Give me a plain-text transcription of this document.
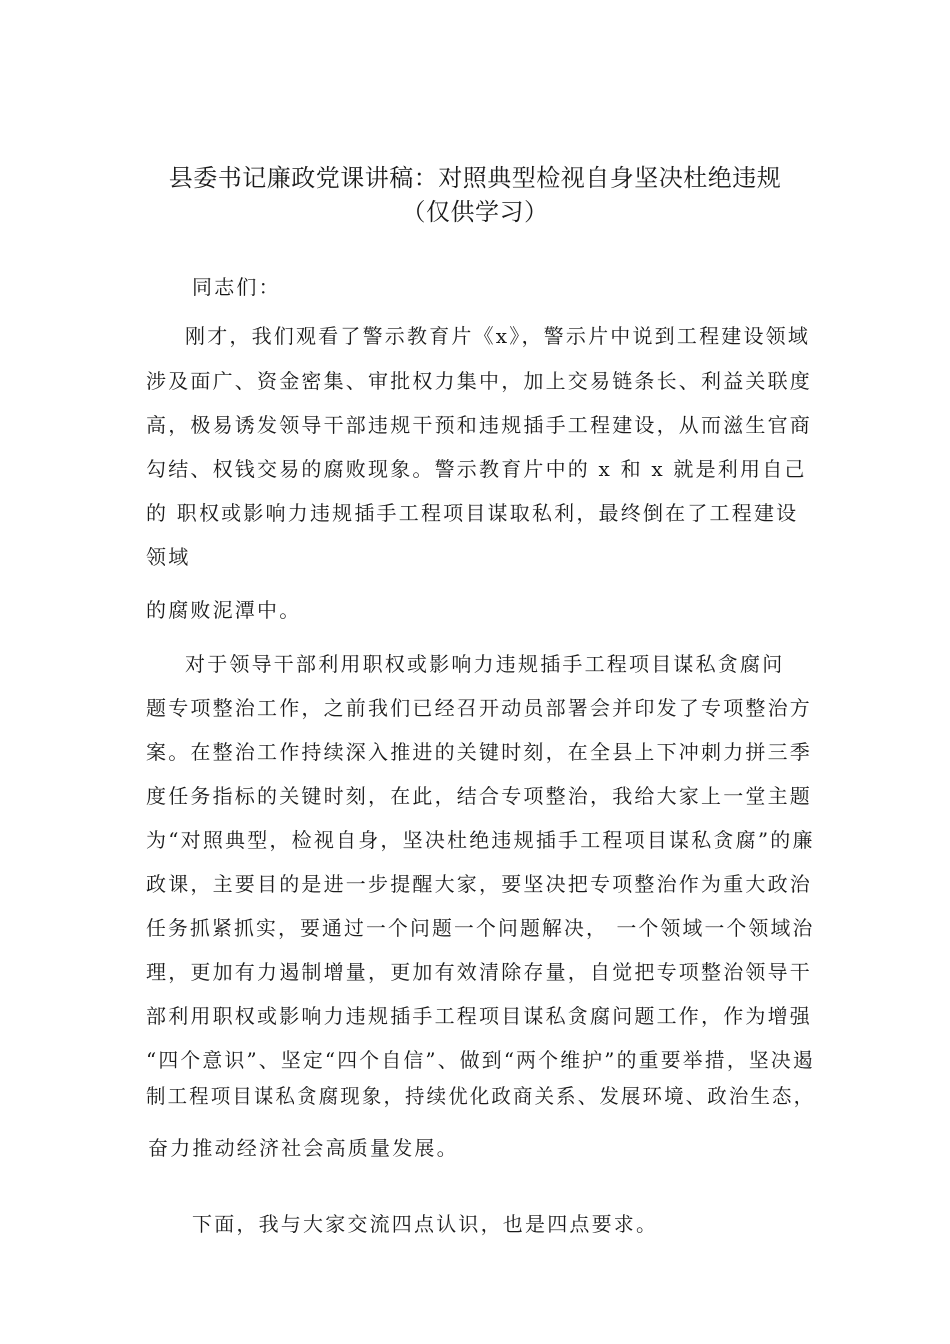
县委书记廉政党课讲稿：对照典型检视自身坚决杜绝违规
（仅供学习）
同志们：
刚才，我们观看了警示教育片《x》，警示片中说到工程建设领域
涉及面广、资金密集、审批权力集中，加上交易链条长、利益关联度
高，极易诱发领导干部违规干预和违规插手工程建设，从而滋生官商
勾结、权钱交易的腐败现象。警示教育片中的 x 和 x 就是利用自己
的 职权或影响力违规插手工程项目谋取私利，最终倒在了工程建设
领域
的腐败泥潭中。
对于领导干部利用职权或影响力违规插手工程项目谋私贪腐问
题专项整治工作，之前我们已经召开动员部署会并印发了专项整治方
案。在整治工作持续深入推进的关键时刻，在全县上下冲刺力拼三季
度任务指标的关键时刻，在此，结合专项整治，我给大家上一堂主题
为“对照典型，检视自身，坚决杜绝违规插手工程项目谋私贪腐”的廉
政课，主要目的是进一步提醒大家，要坚决把专项整治作为重大政治
任务抓紧抓实，要通过一个问题一个问题解决， 一个领域一个领域治
理，更加有力遏制增量，更加有效清除存量，自觉把专项整治领导干
部利用职权或影响力违规插手工程项目谋私贪腐问题工作，作为增强
“四个意识”、坚定“四个自信”、做到“两个维护”的重要举措，坚决遏
制工程项目谋私贪腐现象，持续优化政商关系、发展环境、政治生态，
奋力推动经济社会高质量发展。
下面，我与大家交流四点认识，也是四点要求。
